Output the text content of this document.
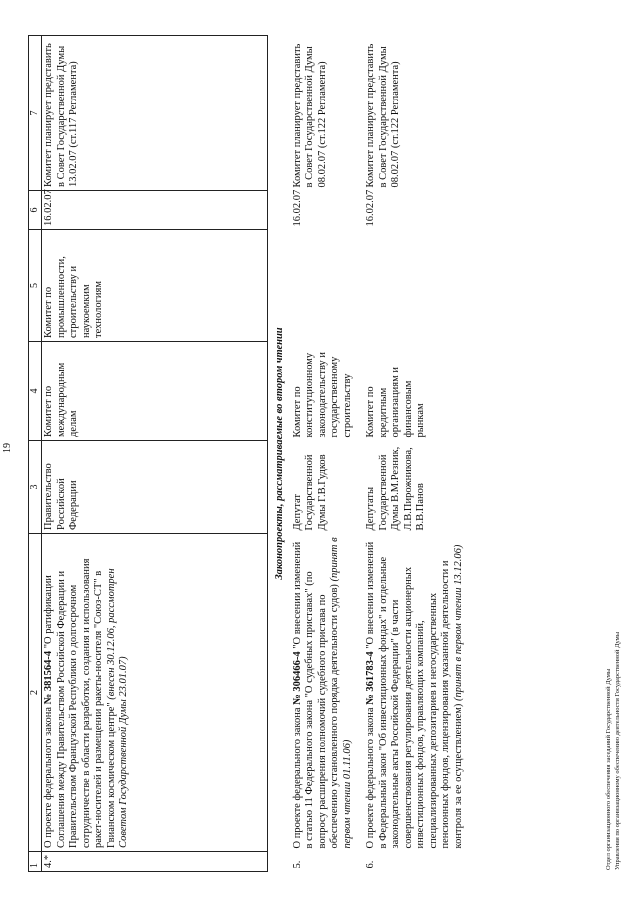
19
1	2	3	4	5	6	7
4.*	О проекте федерального закона № 381564-4 "О ратификации Соглашения между Правительством Российской Федерации и Правительством Французской Республики о долгосрочном сотрудничестве в области разработки, создания и использования ракет-носителей и размещении ракеты-носителя "Союз-СТ" в Гвианском космическом центре" (внесен 30.12.06, рассмотрен Советом Государственной Думы 23.01.07)	Правительство Российской Федерации	Комитет по международным делам	Комитет по промышленности, строительству и наукоемким технологиям	16.02.07	Комитет планирует представить в Совет Государственной Думы 13.02.07 (ст.117 Регламента)
Законопроекты, рассматриваемые во втором чтении						
5.	О проекте федерального закона № 306466-4 "О внесении изменений в статью 11 Федерального закона "О судебных приставах" (по вопросу расширения полномочий судебного пристава по обеспечению установленного порядка деятельности судов) (принят в первом чтении 01.11.06)	Депутат Государственной Думы Г.В.Гудков	Комитет по конституционному законодательству и государственному строительству		16.02.07	Комитет планирует представить в Совет Государственной Думы 08.02.07 (ст.122 Регламента)
6.	О проекте федерального закона № 361783-4 "О внесении изменений в Федеральный закон "Об инвестиционных фондах" и отдельные законодательные акты Российской Федерации" (в части совершенствования регулирования деятельности акционерных инвестиционных фондов, управляющих компаний, специализированных депозитариев и негосударственных пенсионных фондов, лицензирования указанной деятельности и контроля за ее осуществлением) (принят в первом чтении 13.12.06)	Депутаты Государственной Думы В.М.Резник, Л.В.Пирожникова, В.В.Панов	Комитет по кредитным организациям и финансовым рынкам		16.02.07	Комитет планирует представить в Совет Государственной Думы 08.02.07 (ст.122 Регламента)
Отдел организационного обеспечения заседаний Государственной Думы Управления по организационному обеспечению деятельности Государственной Думы
